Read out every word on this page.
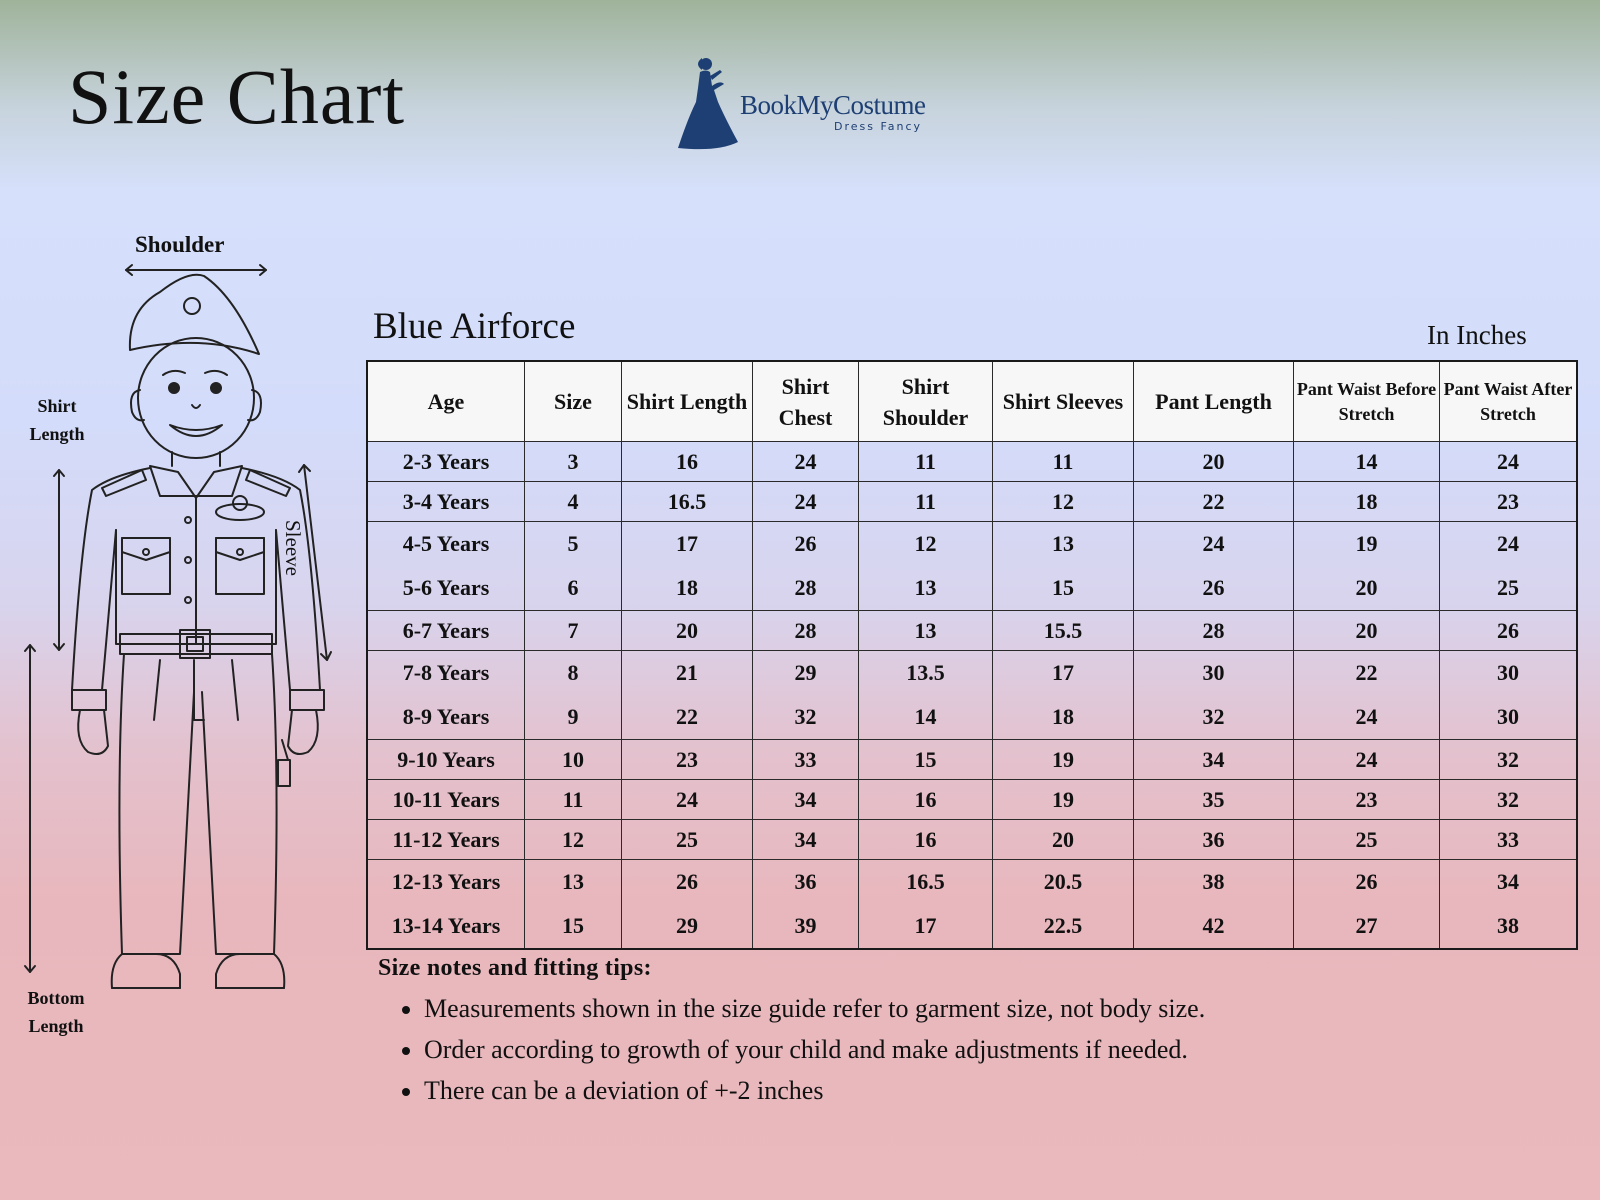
Size Chart	BookMyCostume
Dress Fancy
Shoulder
Shirt Length
Sleeve
Bottom Length
Blue Airforce	In Inches
Age	Size	Shirt Length	Shirt Chest	Shirt Shoulder	Shirt Sleeves	Pant Length	Pant Waist Before Stretch	Pant Waist After Stretch
2-3 Years	3	16	24	11	11	20	14	24
3-4 Years	4	16.5	24	11	12	22	18	23
4-5 Years	5	17	26	12	13	24	19	24
5-6 Years	6	18	28	13	15	26	20	25
6-7 Years	7	20	28	13	15.5	28	20	26
7-8 Years	8	21	29	13.5	17	30	22	30
8-9 Years	9	22	32	14	18	32	24	30
9-10 Years	10	23	33	15	19	34	24	32
10-11 Years	11	24	34	16	19	35	23	32
11-12 Years	12	25	34	16	20	36	25	33
12-13 Years	13	26	36	16.5	20.5	38	26	34
13-14 Years	15	29	39	17	22.5	42	27	38
Size notes and fitting tips:
• Measurements shown in the size guide refer to garment size, not body size.
• Order according to growth of your child and make adjustments if needed.
• There can be a deviation of +-2 inches
